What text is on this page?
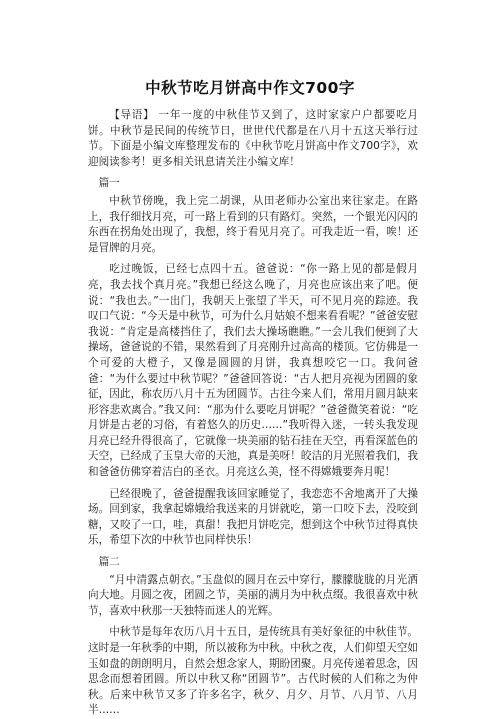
中秋节吃月饼高中作文700字

【导语】 一年一度的中秋佳节又到了，这时家家户户都要吃月饼。中秋节是民间的传统节日，世世代代都是在八月十五这天举行过节。下面是小编文库整理发布的《中秋节吃月饼高中作文700字》，欢迎阅读参考！更多相关讯息请关注小编文库！

篇一

中秋节傍晚，我上完二胡课，从田老师办公室出来往家走。在路上，我仔细找月亮，可一路上看到的只有路灯。突然，一个银光闪闪的东西在拐角处出现了，我想，终于看见月亮了。可我走近一看，唉！还是冒牌的月亮。

吃过晚饭，已经七点四十五。爸爸说：“你一路上见的都是假月亮，我去找个真月亮。”我想已经这么晚了，月亮也应该出来了吧。便说：“我也去。”一出门，我朝天上张望了半天，可不见月亮的踪迹。我叹口气说：“今天是中秋节，可为什么月姑娘不想来看看呢？”爸爸安慰我说：“肯定是高楼挡住了，我们去大操场瞧瞧。”一会儿我们便到了大操场，爸爸说的不错，果然看到了月亮刚升过高高的楼顶。它仿佛是一个可爱的大橙子，又像是圆圆的月饼，我真想咬它一口。我问爸爸：“为什么要过中秋节呢？”爸爸回答说：“古人把月亮视为团圆的象征，因此，称农历八月十五为团圆节。古往今来人们，常用月圆月缺来形容悲欢离合。”我又问：“那为什么要吃月饼呢？”爸爸微笑着说：“吃月饼是古老的习俗，有着悠久的历史……”我听得入迷，一转头我发现月亮已经升得很高了，它就像一块美丽的钻石挂在天空，再看深蓝色的天空，已经成了玉皇大帝的天池，真是美呀！皎洁的月光照着我们，我和爸爸仿佛穿着洁白的圣衣。月亮这么美，怪不得嫦娥要奔月呢！

已经很晚了，爸爸提醒我该回家睡觉了，我恋恋不舍地离开了大操场。回到家，我拿起嫦娥给我送来的月饼就吃，第一口咬下去，没咬到糖，又咬了一口，哇，真甜！我把月饼吃完，想到这个中秋节过得真快乐，希望下次的中秋节也同样快乐！

篇二

“月中清露点朝衣。”玉盘似的圆月在云中穿行，朦朦胧胧的月光洒向大地。月圆之夜，团圆之节，美丽的满月为中秋点缀。我很喜欢中秋节，喜欢中秋那一天独特而迷人的光辉。

中秋节是每年农历八月十五日，是传统具有美好象征的中秋佳节。这时是一年秋季的中期，所以被称为中秋。中秋之夜，人们仰望天空如玉如盘的朗朗明月，自然会想念家人，期盼团聚。月亮传递着思念，因思念而想着团圆。所以中秋又称“团圆节”。古代时候的人们称之为仲秋。后来中秋节又多了许多名字，秋夕、月夕、月节、八月节、八月半……
